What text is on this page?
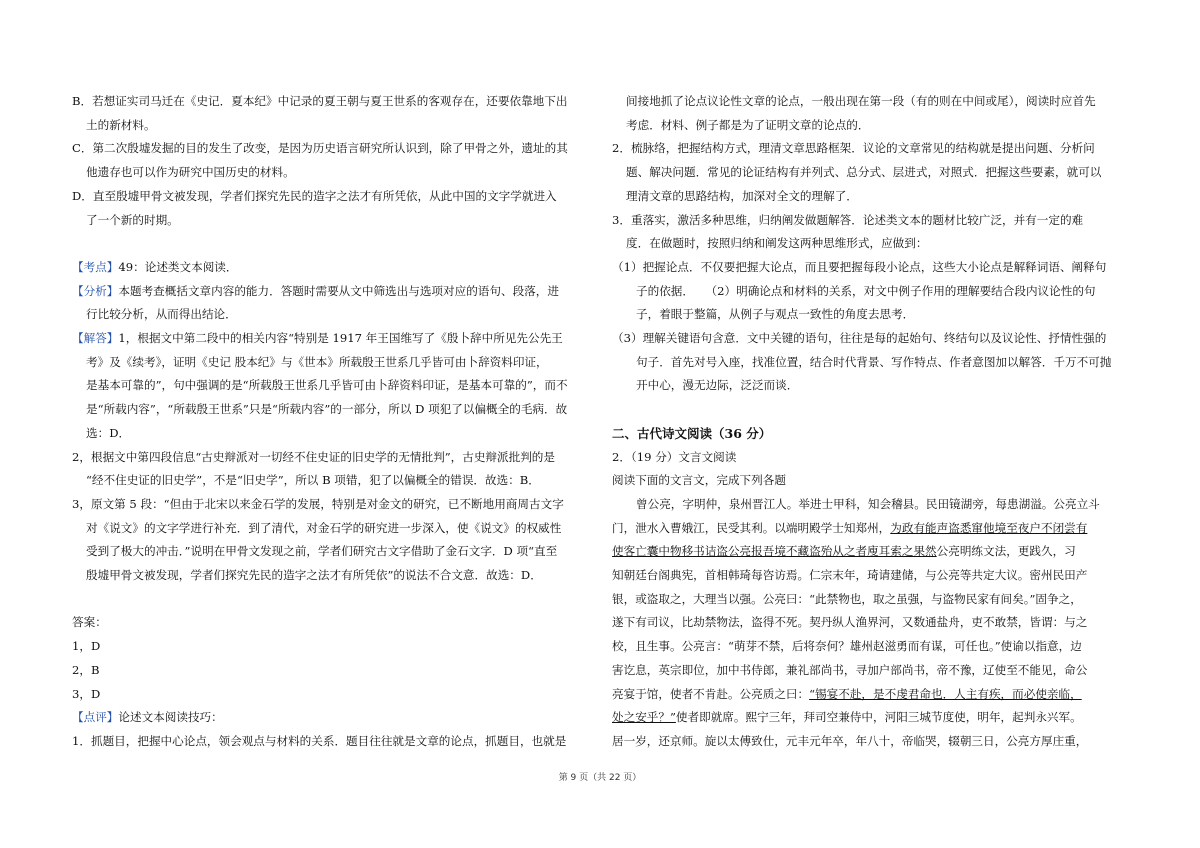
B．若想证实司马迁在《史记．夏本纪》中记录的夏王朝与夏王世系的客观存在，还要依靠地下出
土的新材料。

C．第二次殷墟发掘的目的发生了改变，是因为历史语言研究所认识到，除了甲骨之外，遗址的其
他遗存也可以作为研究中国历史的材料。

D．直至殷墟甲骨文被发现，学者们探究先民的造字之法才有所凭依，从此中国的文字学就进入
了一个新的时期。

【考点】49：论述类文本阅读．

【分析】本题考查概括文章内容的能力．答题时需要从文中筛选出与选项对应的语句、段落，进
行比较分析，从而得出结论．

【解答】1，根据文中第二段中的相关内容“特别是 1917 年王国维写了《殷卜辞中所见先公先王
考》及《续考》，证明《史记 股本纪》与《世本》所载殷王世系几乎皆可由卜辞资料印证，
是基本可靠的”，句中强调的是“所载殷王世系几乎皆可由卜辞资料印证，是基本可靠的”，而不
是“所载内容”，“所载殷王世系”只是“所载内容”的一部分，所以 D 项犯了以偏概全的毛病．故
选：D．

2，根据文中第四段信息“古史辩派对一切经不住史证的旧史学的无情批判”，古史辩派批判的是
“经不住史证的旧史学”，不是“旧史学”，所以 B 项错，犯了以偏概全的错误．故选：B．

3，原文第 5 段：“但由于北宋以来金石学的发展，特别是对金文的研究，已不断地用商周古文字
对《说文》的文字学进行补充．到了清代，对金石学的研究进一步深入，使《说文》的权威性
受到了极大的冲击．”说明在甲骨文发现之前，学者们研究古文字借助了金石文字．D 项“直至
殷墟甲骨文被发现，学者们探究先民的造字之法才有所凭依”的说法不合文意．故选：D．

答案：

1，D

2，B

3，D

【点评】论述文本阅读技巧：

1．抓题目，把握中心论点，领会观点与材料的关系．题目往往就是文章的论点，抓题目，也就是

间接地抓了论点议论性文章的论点，一般出现在第一段（有的则在中间或尾），阅读时应首先
考虑．材料、例子都是为了证明文章的论点的．

2．梳脉络，把握结构方式，理清文章思路框架．议论的文章常见的结构就是提出问题、分析问
题、解决问题．常见的论证结构有并列式、总分式、层进式，对照式．把握这些要素，就可以
理清文章的思路结构，加深对全文的理解了．

3．重落实，激活多种思维，归纳阐发做题解答．论述类文本的题材比较广泛，并有一定的难
度．在做题时，按照归纳和阐发这两种思维形式，应做到：

（1）把握论点．不仅要把握大论点，而且要把握每段小论点，这些大小论点是解释词语、阐释句
子的依据．　　（2）明确论点和材料的关系，对文中例子作用的理解要结合段内议论性的句
子，着眼于整篇，从例子与观点一致性的角度去思考．

（3）理解关键语句含意．文中关键的语句，往往是每的起始句、终结句以及议论性、抒情性强的
句子．首先对号入座，找准位置，结合时代背景、写作特点、作者意图加以解答．千万不可抛
开中心，漫无边际，泛泛而谈．

二、古代诗文阅读（36 分）

2．（19 分）文言文阅读

阅读下面的文言文，完成下列各题

曾公亮，字明仲，泉州晋江人。举进士甲科，知会稽县。民田镜湖旁，每患湖溢。公亮立斗
门，泄水入曹娥江，民受其利。以端明殿学士知郑州，为政有能声盗悉窜他境至夜户不闭尝有
使客亡囊中物移书诘盗公亮报吾境不藏盗殆从之者廋耳索之果然公亮明练文法，更践久，习
知朝廷台阁典宪，首相韩琦每咨访焉。仁宗末年，琦请建储，与公亮等共定大议。密州民田产
银，或盗取之，大理当以强。公亮曰：“此禁物也，取之虽强，与盗物民家有间矣。”固争之，
遂下有司议，比劫禁物法，盗得不死。契丹纵人渔界河，又数通盐舟，吏不敢禁，皆谓：与之
校，且生事。公亮言：“萌芽不禁，后将奈何？雄州赵滋勇而有谋，可任也。”使谕以指意，边
害讫息，英宗即位，加中书侍郎，兼礼部尚书，寻加户部尚书，帝不豫，辽使至不能见，命公
亮宴于馆，使者不肯赴。公亮质之曰：“锡宴不赴，是不虔君命也．人主有疾，而必使亲临，
处之安乎？”使者即就席。熙宁三年，拜司空兼侍中，河阳三城节度使，明年，起判永兴军。
居一岁，还京师。旋以太傅致仕，元丰元年卒，年八十，帝临哭，辍朝三日，公亮方厚庄重，

第 9 页（共 22 页）
